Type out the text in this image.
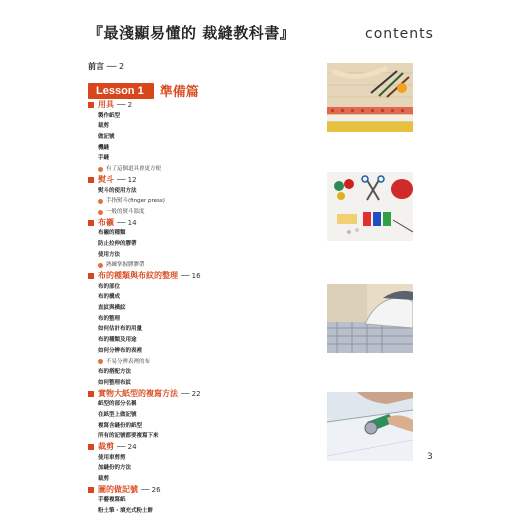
『最淺顯易懂的 裁縫教科書』	contents
前言 ── 2
Lesson 1	準備篇
用具 ── 2
製作紙型
裁剪
做記號
機縫
手縫
有了這個道具會更方便
熨斗 ── 12
熨斗的使用方法
手指熨斗(finger press)
一般的熨斗溫度
布襯 ── 14
布襯的種類
防止拉伸的膠帶
使用方法
熟練掌握膠膠帶
布的種類與布紋的整理 ── 16
布的部位
布的構成
直紋與橫紋
布的整理
如何估計布的用量
布的種類及用途
如何分辨布的表裡
不易分辨表裡的布
布的搭配方法
如何整理布紋
實物大紙型的複寫方法 ── 22
紙型的部分名稱
在紙型上做記號
複寫含縫份的紙型
所有的記號都要複寫下來
裁剪 ── 24
使用車剪剪
加縫份的方法
裁剪
圖的做記號 ── 26
手藝複寫紙
粉土筆・填充式粉土餅
3
